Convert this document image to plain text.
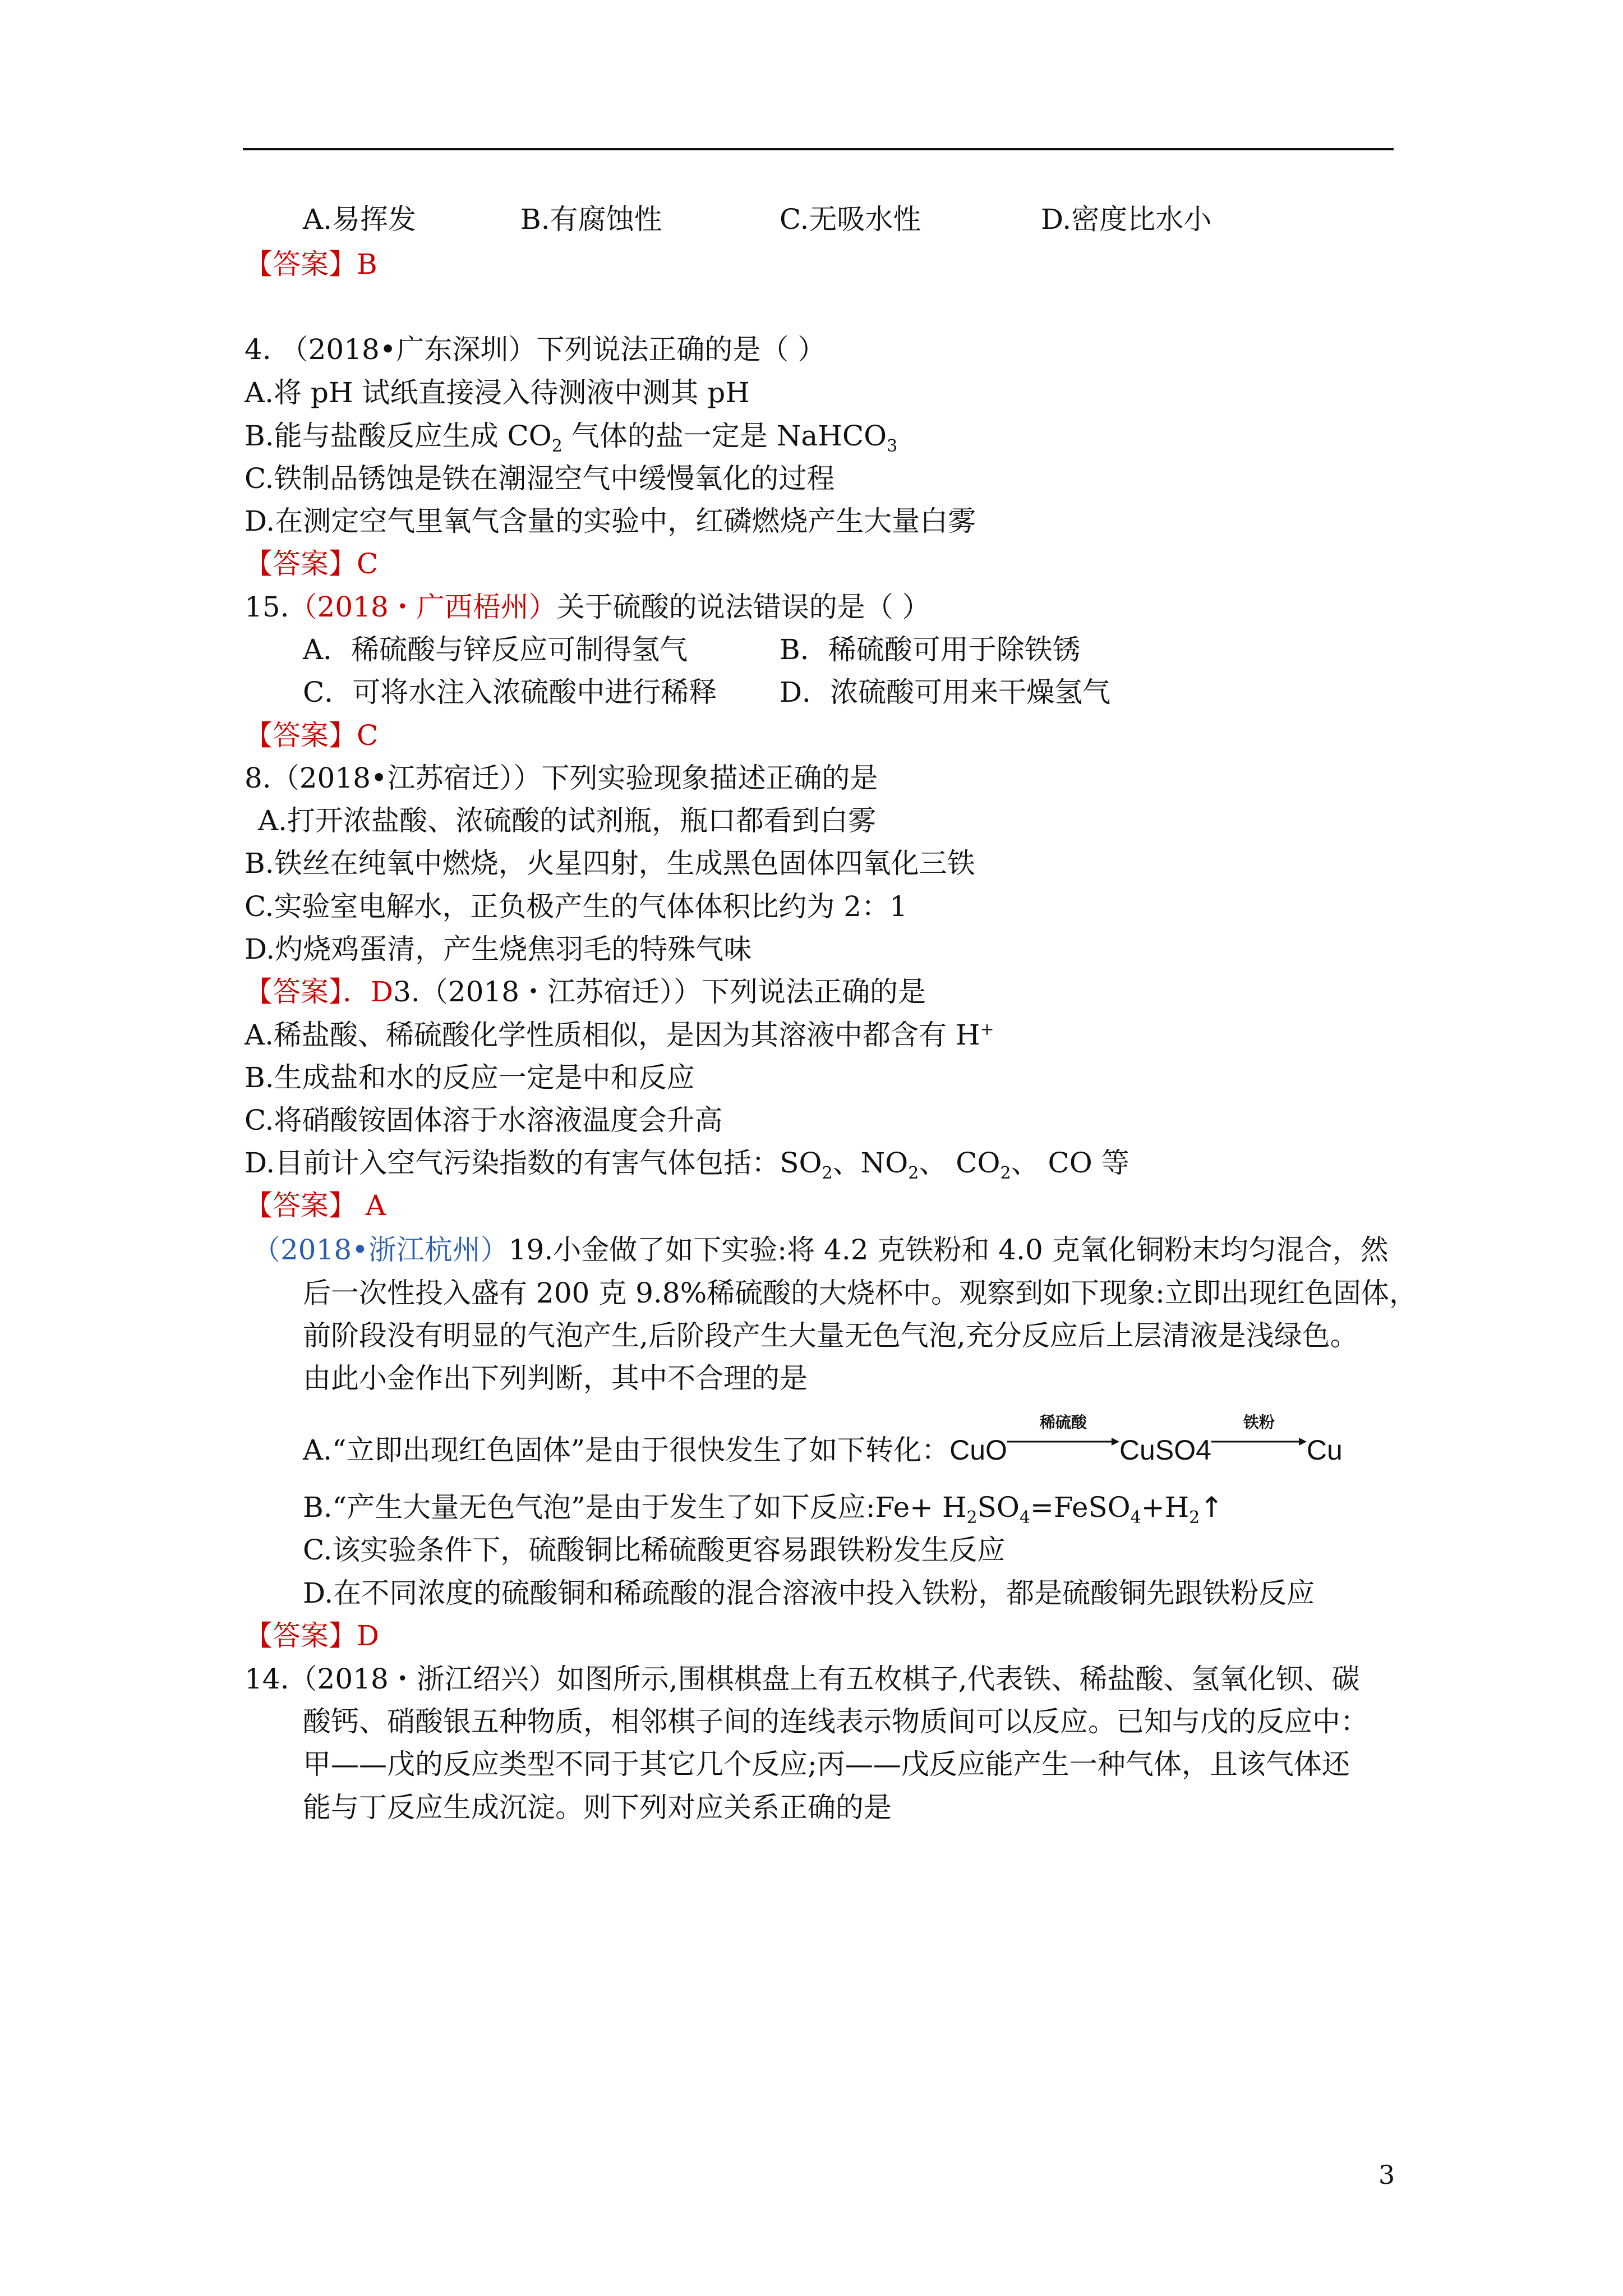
A.易挥发	B.有腐蚀性	C.无吸水性	D.密度比水小
【答案】B
4. （2018•广东深圳）下列说法正确的是（ ）
A.将 pH 试纸直接浸入待测液中测其 pH
B.能与盐酸反应生成 $CO_2$ 气体的盐一定是 NaHCO$_3$
C.铁制品锈蚀是铁在潮湿空气中缓慢氧化的过程
D.在测定空气里氧气含量的实验中，红磷燃烧产生大量白雾
【答案】C
15.（2018・广西梧州）关于硫酸的说法错误的是（ ）
A．稀硫酸与锌反应可制得氢气	B．稀硫酸可用于除铁锈
C．可将水注入浓硫酸中进行稀释 D．浓硫酸可用来干燥氢气
【答案】C
8.（2018•江苏宿迁））下列实验现象描述正确的是
A.打开浓盐酸、浓硫酸的试剂瓶，瓶口都看到白雾
B.铁丝在纯氧中燃烧，火星四射，生成黑色固体四氧化三铁
C.实验室电解水，正负极产生的气体体积比约为 2：1
D.灼烧鸡蛋清，产生烧焦羽毛的特殊气味
【答案】．D3.（2018・江苏宿迁））下列说法正确的是
A.稀盐酸、稀硫酸化学性质相似，是因为其溶液中都含有 H+
B.生成盐和水的反应一定是中和反应
C.将硝酸铵固体溶于水溶液温度会升高
D.目前计入空气污染指数的有害气体包括：$SO_2$、$NO_2$、 $CO_2$、 CO 等
【答案】 A
（2018•浙江杭州）19.小金做了如下实验:将 4.2 克铁粉和 4.0 克氧化铜粉末均匀混合，然
后一次性投入盛有 200 克 9.8%稀硫酸的大烧杯中。观察到如下现象:立即出现红色固体，
前阶段没有明显的气泡产生,后阶段产生大量无色气泡,充分反应后上层清液是浅绿色。
由此小金作出下列判断，其中不合理的是
A.“立即出现红色固体”是由于很快发生了如下转化：CuO
稀硫酸
CuSO4
铁粉
Cu
B.“产生大量无色气泡”是由于发生了如下反应:Fe+ $H_2SO_4=FeSO_4+H_2↑$
C.该实验条件下，硫酸铜比稀硫酸更容易跟铁粉发生反应
D.在不同浓度的硫酸铜和稀疏酸的混合溶液中投入铁粉，都是硫酸铜先跟铁粉反应
【答案】D
14.（2018・浙江绍兴）如图所示,围棋棋盘上有五枚棋子,代表铁、稀盐酸、氢氧化钡、碳
酸钙、硝酸银五种物质，相邻棋子间的连线表示物质间可以反应。已知与戊的反应中：
甲——戊的反应类型不同于其它几个反应;丙——戊反应能产生一种气体，且该气体还
能与丁反应生成沉淀。则下列对应关系正确的是
3
